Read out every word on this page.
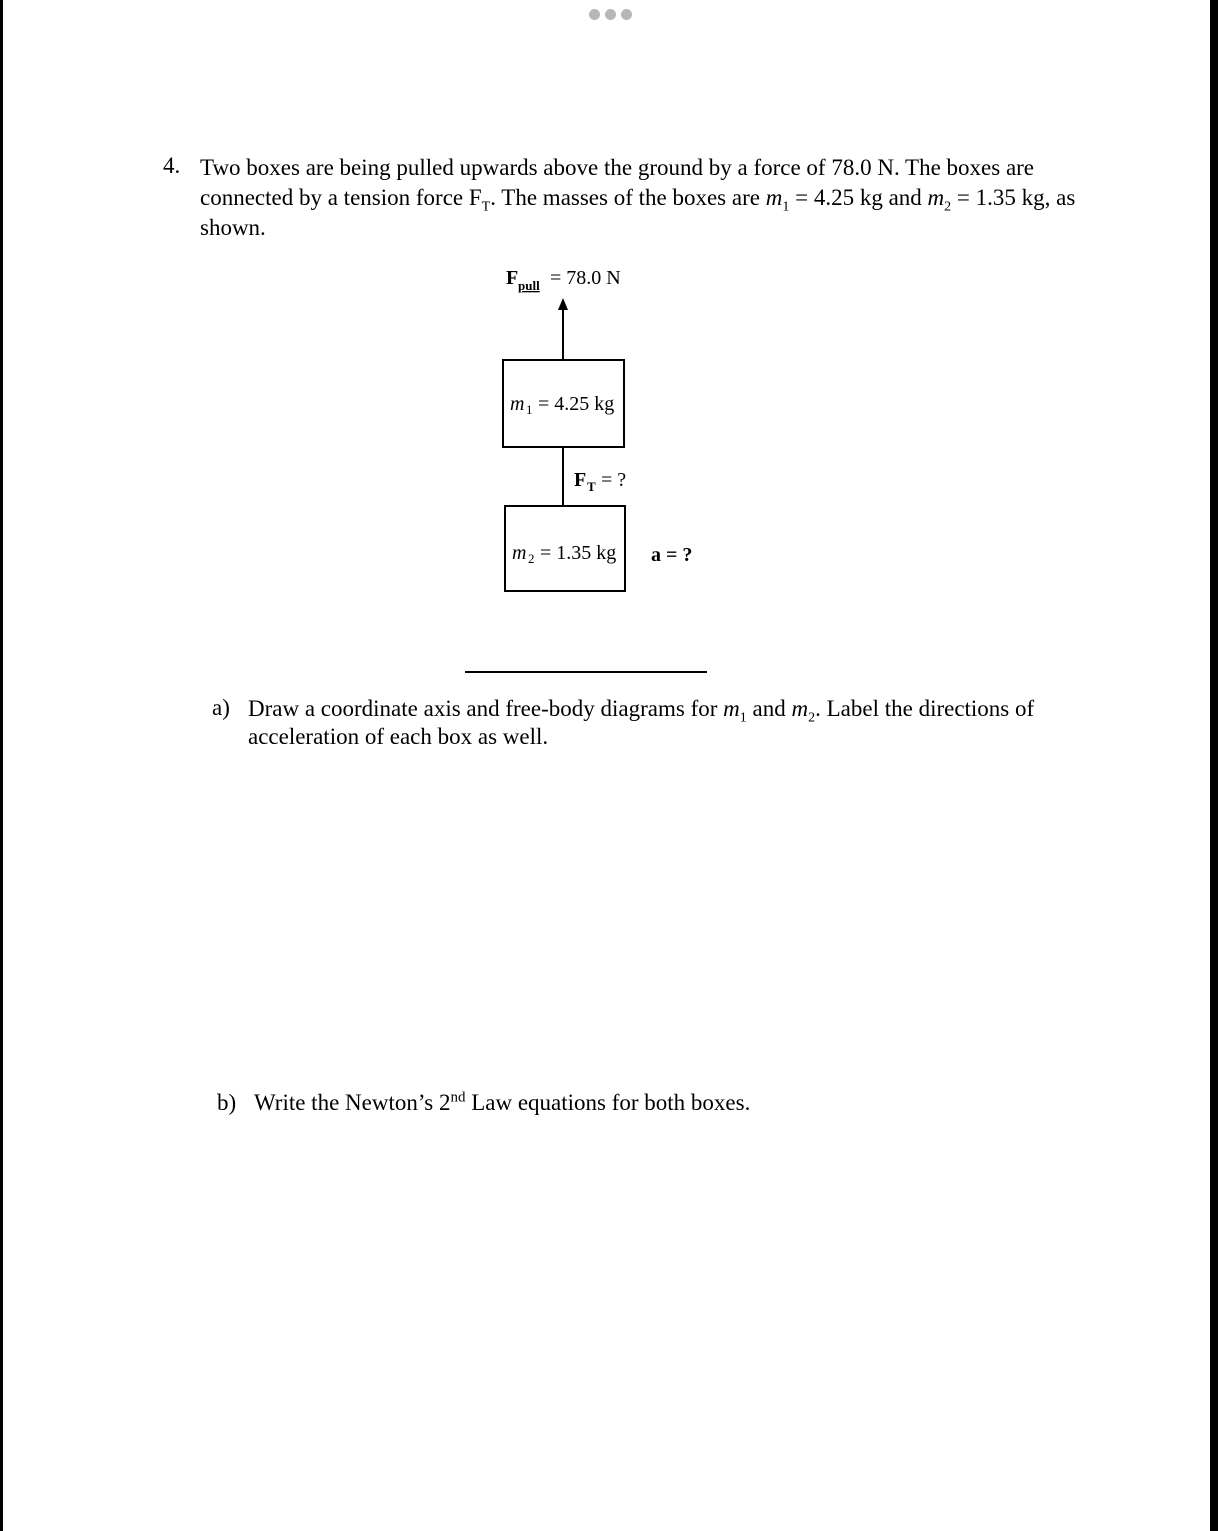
4. Two boxes are being pulled upwards above the ground by a force of 78.0 N. The boxes are connected by a tension force $F_T$. The masses of the boxes are $m_1 = 4.25$ kg and $m_2 = 1.35$ kg, as shown.
F pull = 78.0 N
m 1 = 4.25 kg
F T = ?
m 2 = 1.35 kg a = ?
a) Draw a coordinate axis and free-body diagrams for $m_1$ and $m_2$. Label the directions of acceleration of each box as well.
b) Write the Newton’s 2nd Law equations for both boxes.
